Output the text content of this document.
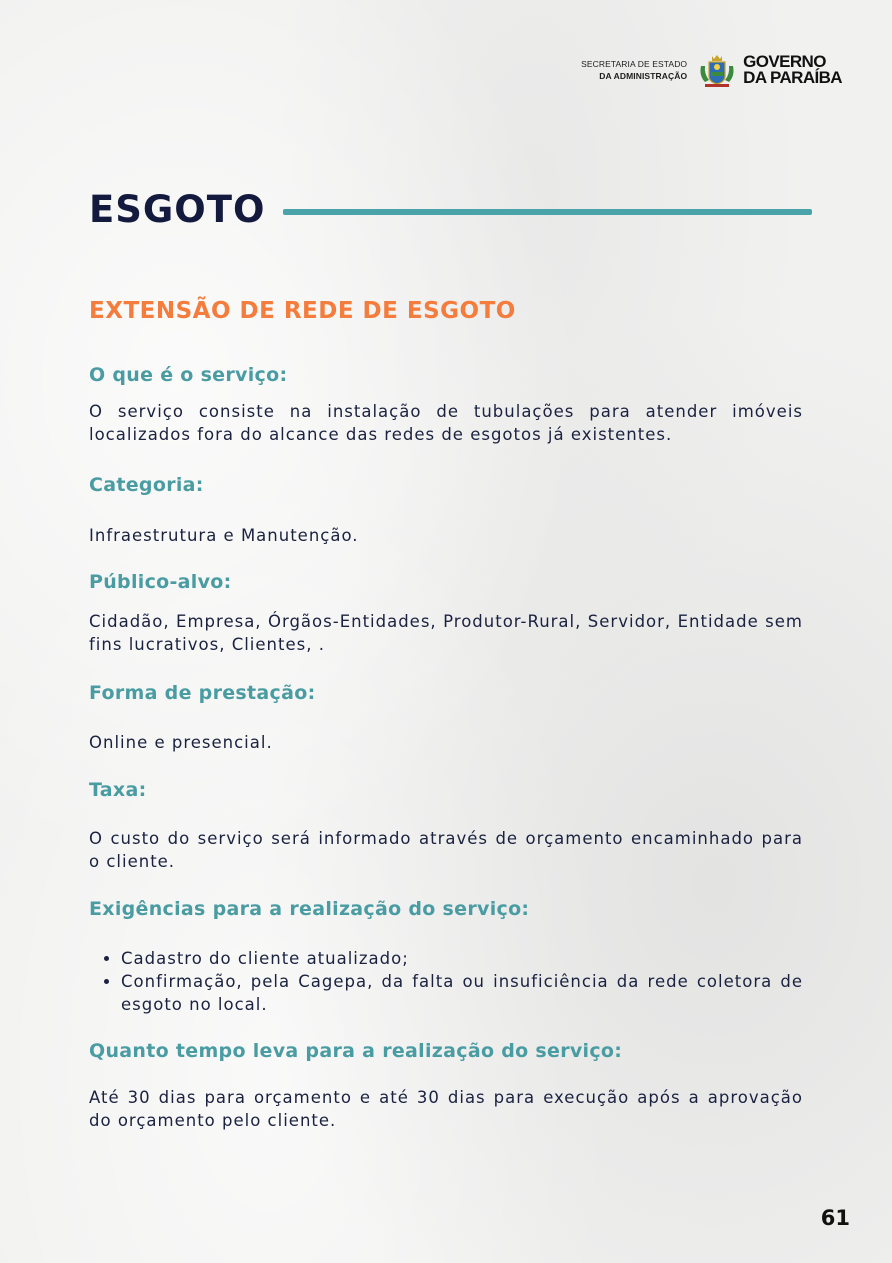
SECRETARIA DE ESTADO
DA ADMINISTRAÇÃO
GOVERNO
DA PARAÍBA
ESGOTO
EXTENSÃO DE REDE DE ESGOTO

O que é o serviço:

O serviço consiste na instalação de tubulações para atender imóveis localizados fora do alcance das redes de esgotos já existentes.

Categoria:

Infraestrutura e Manutenção.

Público-alvo:

Cidadão, Empresa, Órgãos-Entidades, Produtor-Rural, Servidor, Entidade sem fins lucrativos, Clientes, .

Forma de prestação:

Online e presencial.

Taxa:

O custo do serviço será informado através de orçamento encaminhado para o cliente.

Exigências para a realização do serviço:

• Cadastro do cliente atualizado;
• Confirmação, pela Cagepa, da falta ou insuficiência da rede coletora de esgoto no local.

Quanto tempo leva para a realização do serviço:

Até 30 dias para orçamento e até 30 dias para execução após a aprovação do orçamento pelo cliente.

61
